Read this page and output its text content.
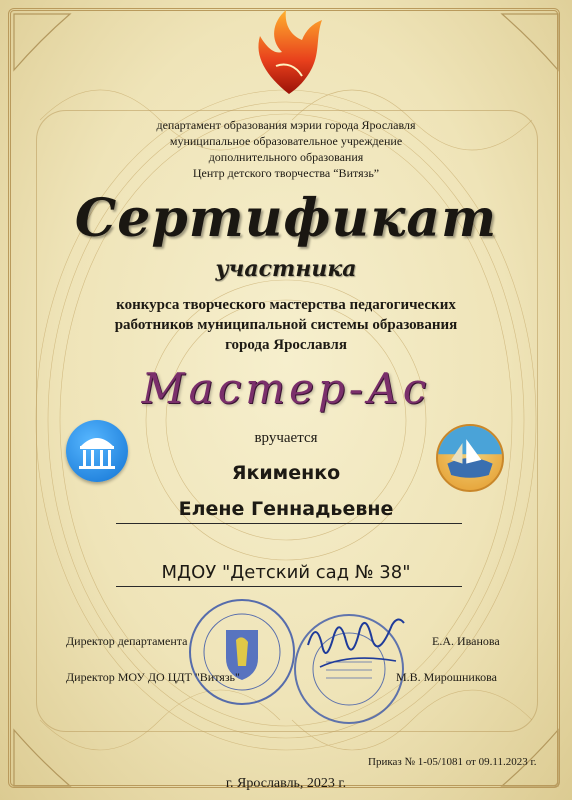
департамент образования мэрии города Ярославля
муниципальное образовательное учреждение
дополнительного образования
Центр детского творчества “Витязь”
Сертификат
участника
конкурса творческого мастерства педагогических
работников муниципальной системы образования
города Ярославля
Мастер-Ас
вручается
Якименко
Елене Геннадьевне
МДОУ "Детский сад № 38"
Директор департамента	Е.А. Иванова
Директор МОУ ДО ЦДТ "Витязь"	М.В. Мирошникова
Приказ № 1-05/1081 от 09.11.2023 г.
г. Ярославль, 2023 г.
